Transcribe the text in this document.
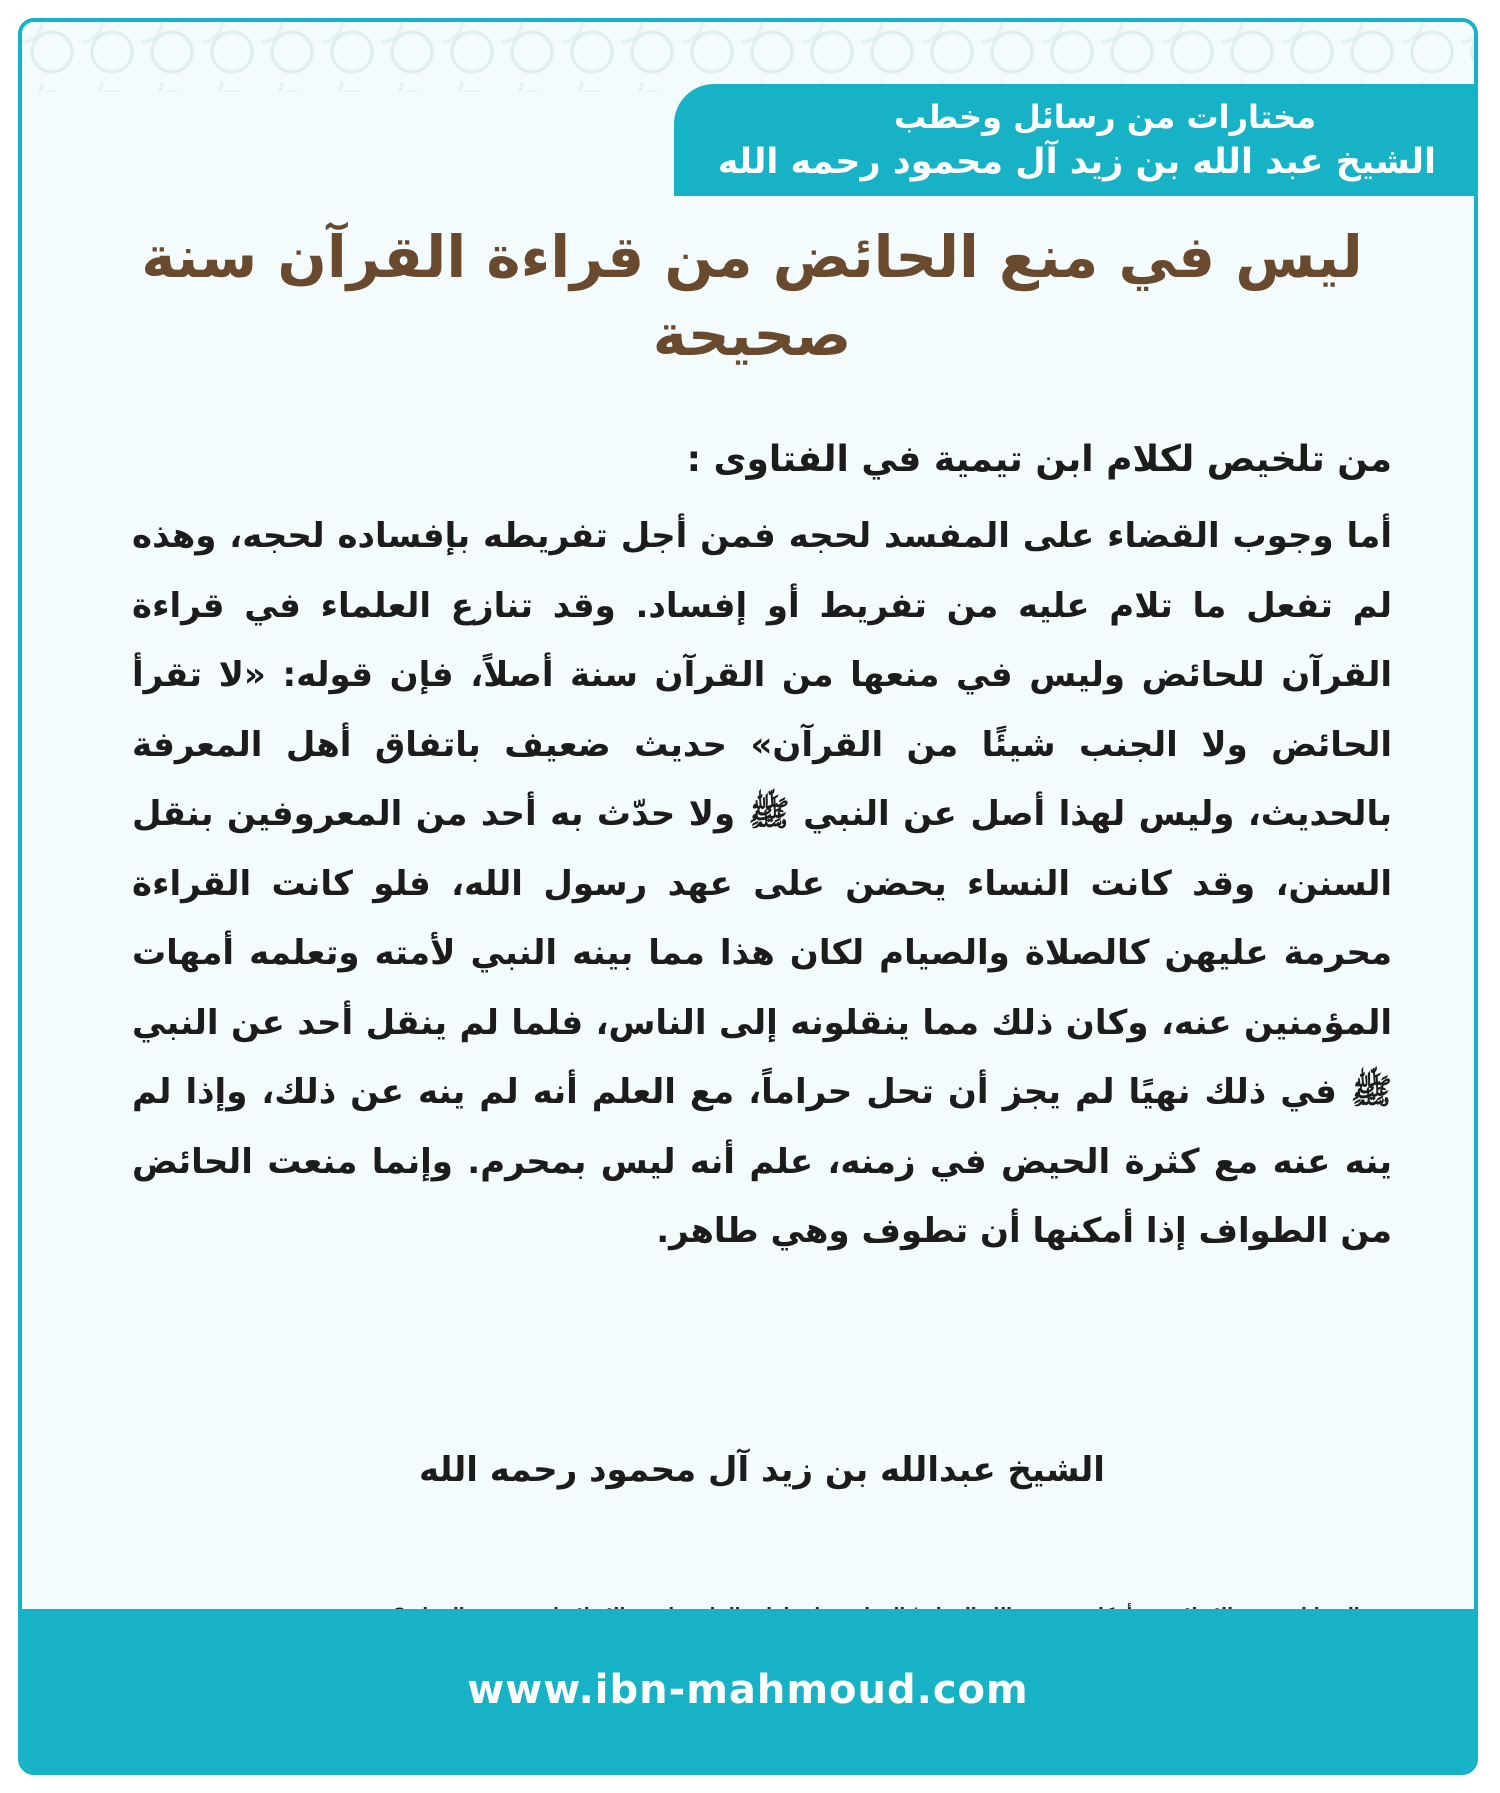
مختارات من رسائل وخطب
الشيخ عبد الله بن زيد آل محمود رحمه الله
ليس في منع الحائض من قراءة القرآن سنة صحيحة
من تلخيص لكلام ابن تيمية في الفتاوى :
أما وجوب القضاء على المفسد لحجه فمن أجل تفريطه بإفساده لحجه، وهذه لم تفعل ما تلام عليه من تفريط أو إفساد. وقد تنازع العلماء في قراءة القرآن للحائض وليس في منعها من القرآن سنة أصلاً، فإن قوله: «لا تقرأ الحائض ولا الجنب شيئًا من القرآن» حديث ضعيف باتفاق أهل المعرفة بالحديث، وليس لهذا أصل عن النبي ﷺ ولا حدّث به أحد من المعروفين بنقل السنن، وقد كانت النساء يحضن على عهد رسول الله، فلو كانت القراءة محرمة عليهن كالصلاة والصيام لكان هذا مما بينه النبي لأمته وتعلمه أمهات المؤمنين عنه، وكان ذلك مما ينقلونه إلى الناس، فلما لم ينقل أحد عن النبي ﷺ في ذلك نهيًا لم يجز أن تحل حراماً، مع العلم أنه لم ينه عن ذلك، وإذا لم ينه عنه مع كثرة الحيض في زمنه، علم أنه ليس بمحرم. وإنما منعت الحائض من الطواف إذا أمكنها أن تطوف وهي طاهر.
الشيخ عبدالله بن زيد آل محمود رحمه الله
www.ibn-mahmoud.com
